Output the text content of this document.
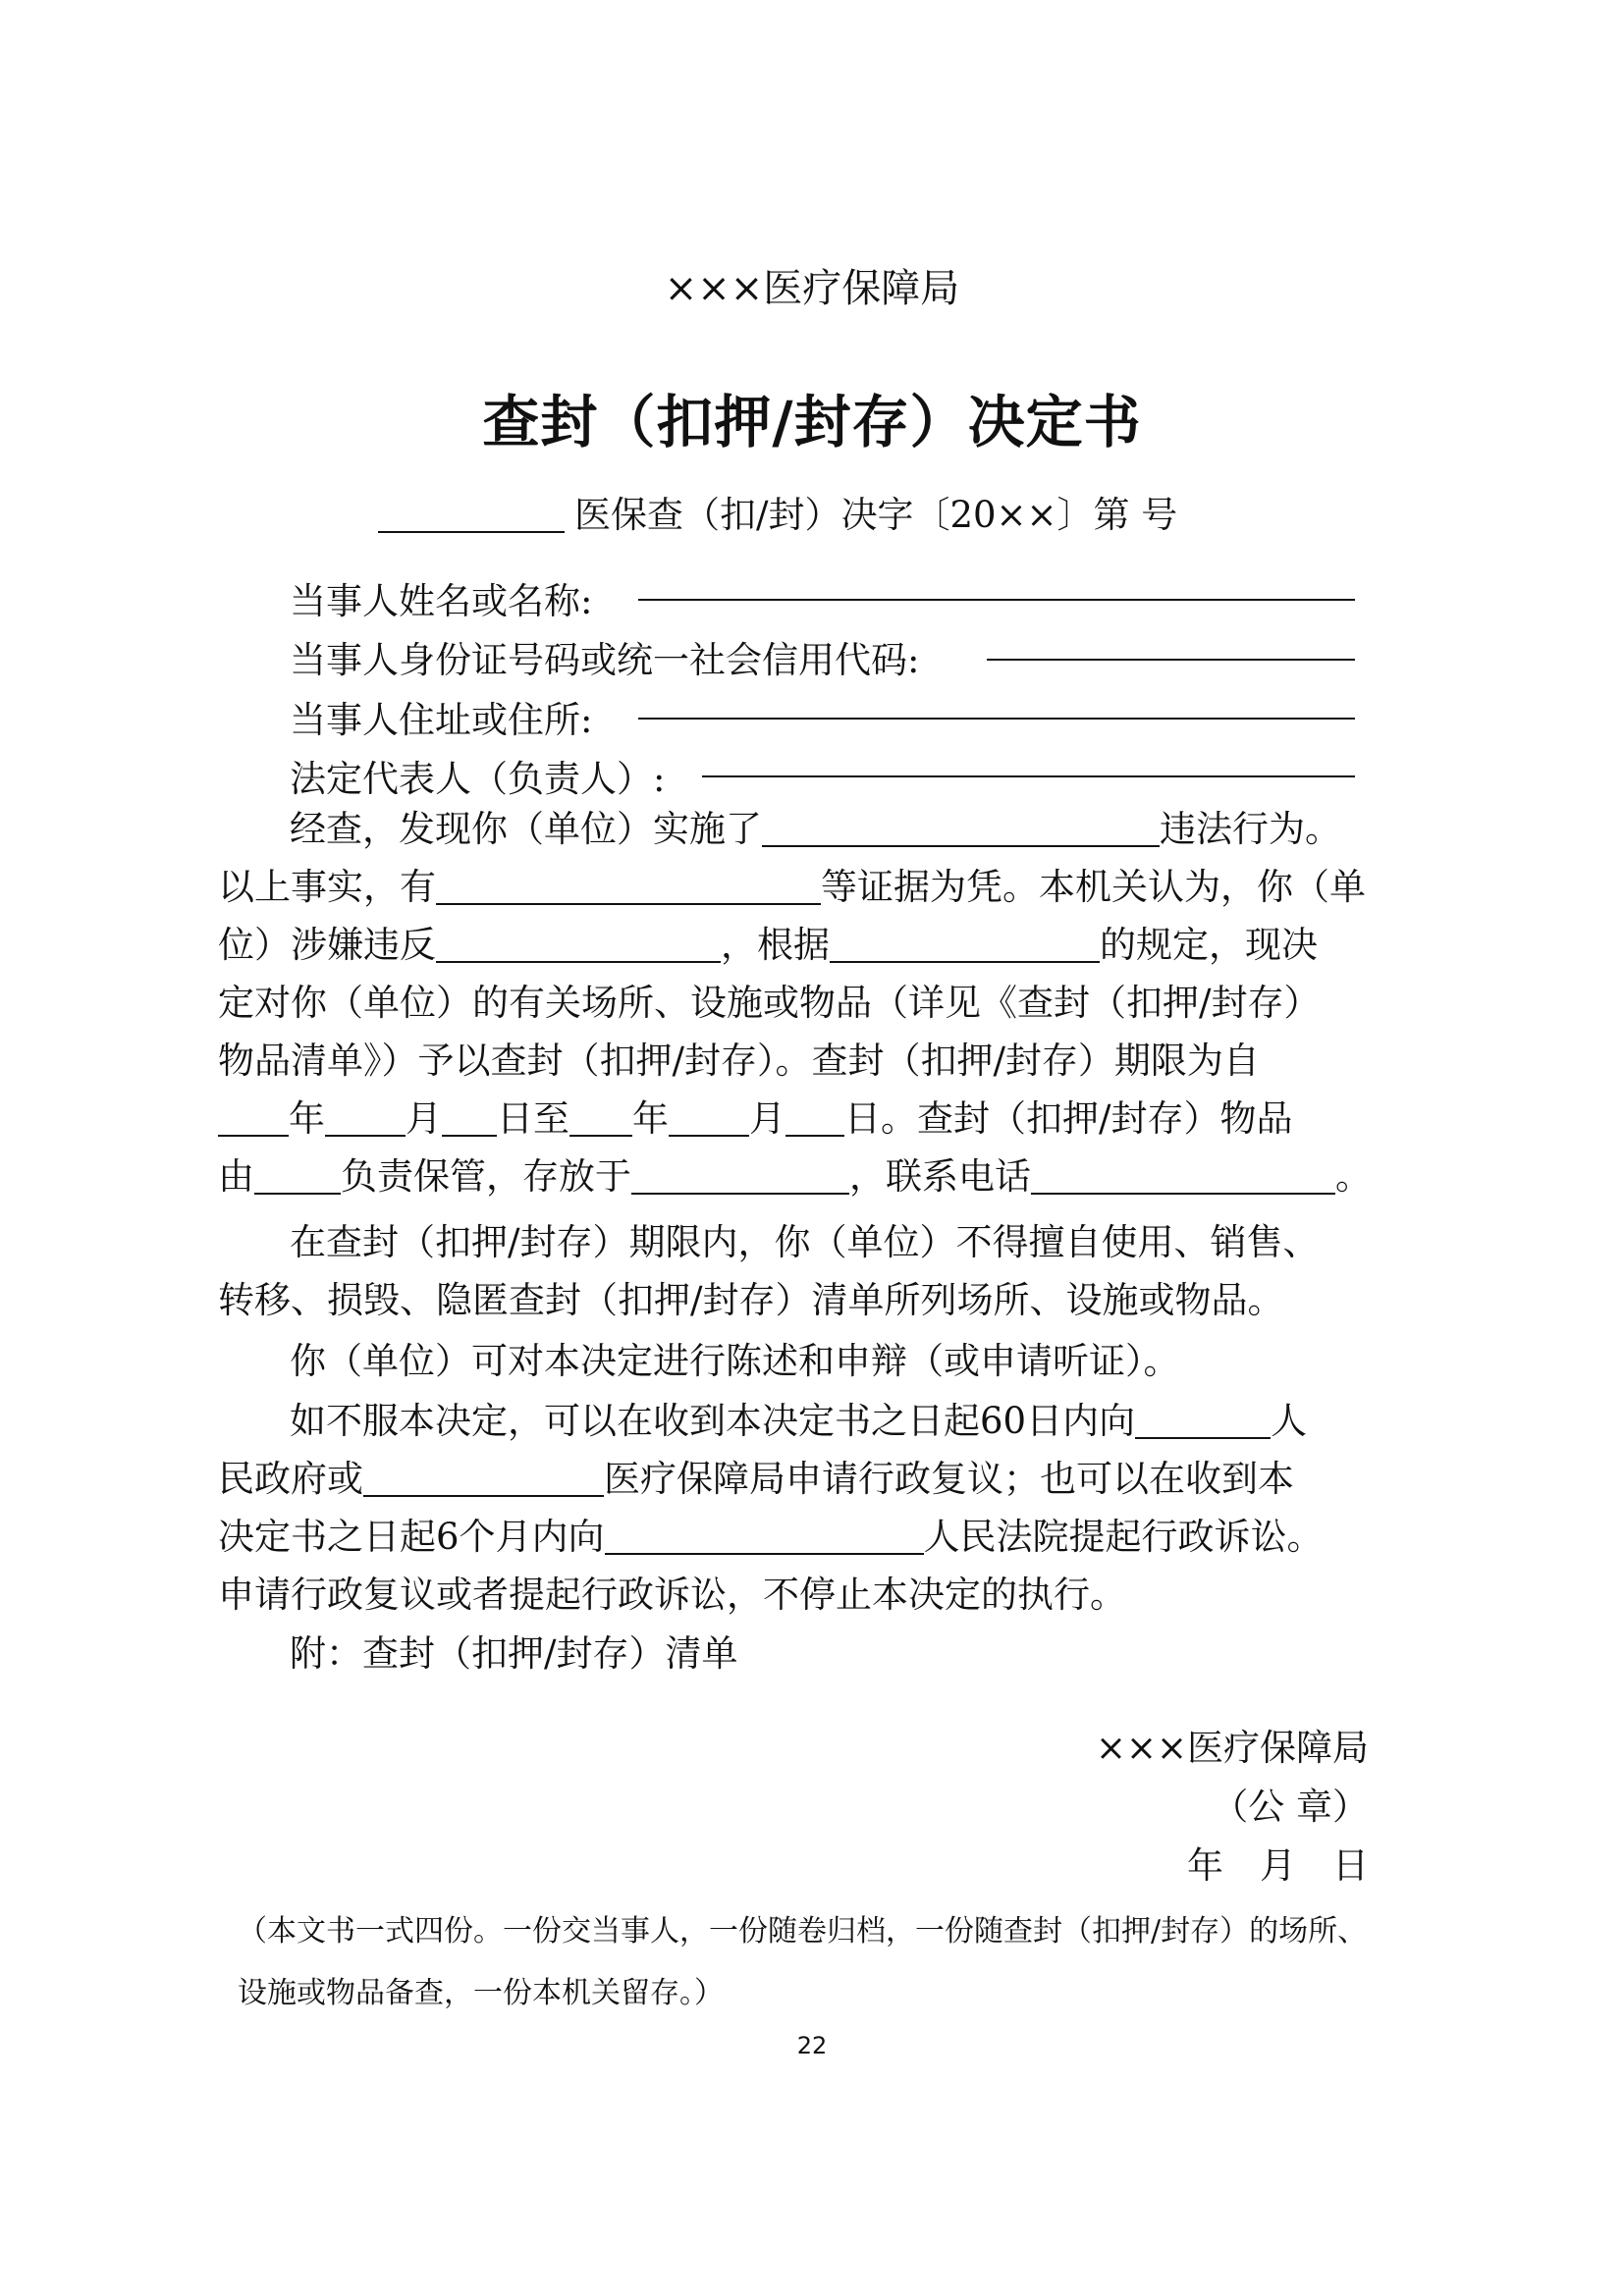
×××医疗保障局
查封（扣押/封存）决定书
医保查（扣/封）决字〔20××〕第 号
当事人姓名或名称:
当事人身份证号码或统一社会信用代码:
当事人住址或住所:
法定代表人（负责人）:
经查，发现你（单位）实施了	违法行为。
以上事实，有	等证据为凭。本机关认为，你（单
位）涉嫌违反	，根据	的规定，现决
定对你（单位）的有关场所、设施或物品（详见《查封（扣押/封存）
物品清单》）予以查封（扣押/封存）。查封（扣押/封存）期限为自
年 月 日至 年 月 日。查封（扣押/封存）物品
由 负责保管，存放于	，联系电话	。
在查封（扣押/封存）期限内，你（单位）不得擅自使用、销售、
转移、损毁、隐匿查封（扣押/封存）清单所列场所、设施或物品。
你（单位）可对本决定进行陈述和申辩（或申请听证）。
如不服本决定，可以在收到本决定书之日起60日内向	人
民政府或	医疗保障局申请行政复议；也可以在收到本
决定书之日起6个月内向	人民法院提起行政诉讼。
申请行政复议或者提起行政诉讼，不停止本决定的执行。
附：查封（扣押/封存）清单
×××医疗保障局
（公 章）
年　月　日
（本文书一式四份。一份交当事人，一份随卷归档，一份随查封（扣押/封存）的场所、
设施或物品备查，一份本机关留存。）
22
